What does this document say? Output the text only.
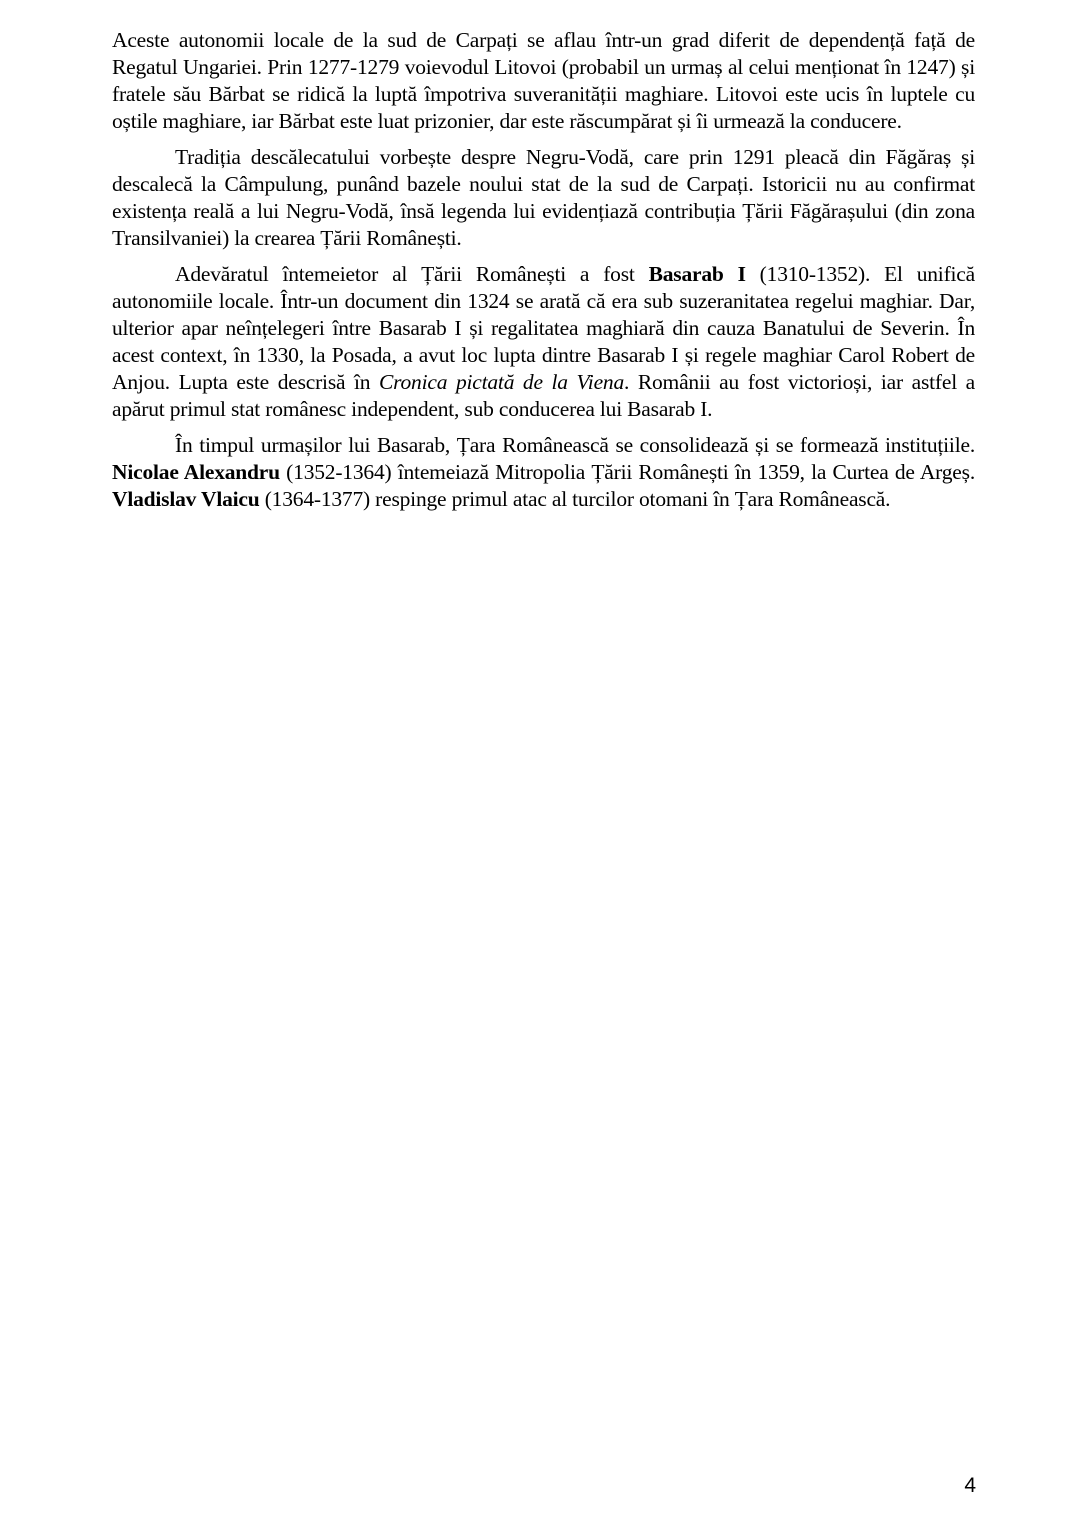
Aceste autonomii locale de la sud de Carpați se aflau într-un grad diferit de dependență față de Regatul Ungariei. Prin 1277-1279 voievodul Litovoi (probabil un urmaș al celui menționat în 1247) și fratele său Bărbat se ridică la luptă împotriva suveranității maghiare. Litovoi este ucis în luptele cu oștile maghiare, iar Bărbat este luat prizonier, dar este răscumpărat și îi urmează la conducere.

Tradiția descălecatului vorbește despre Negru-Vodă, care prin 1291 pleacă din Făgăraș și descalecă la Câmpulung, punând bazele noului stat de la sud de Carpați. Istoricii nu au confirmat existența reală a lui Negru-Vodă, însă legenda lui evidențiază contribuția Țării Făgărașului (din zona Transilvaniei) la crearea Țării Românești.

Adevăratul întemeietor al Țării Românești a fost Basarab I (1310-1352). El unifică autonomiile locale. Într-un document din 1324 se arată că era sub suzeranitatea regelui maghiar. Dar, ulterior apar neînțelegeri între Basarab I și regalitatea maghiară din cauza Banatului de Severin. În acest context, în 1330, la Posada, a avut loc lupta dintre Basarab I și regele maghiar Carol Robert de Anjou. Lupta este descrisă în Cronica pictată de la Viena. Românii au fost victorioși, iar astfel a apărut primul stat românesc independent, sub conducerea lui Basarab I.

În timpul urmașilor lui Basarab, Țara Românească se consolidează și se formează instituțiile. Nicolae Alexandru (1352-1364) întemeiază Mitropolia Țării Românești în 1359, la Curtea de Argeș. Vladislav Vlaicu (1364-1377) respinge primul atac al turcilor otomani în Țara Românească.

4
